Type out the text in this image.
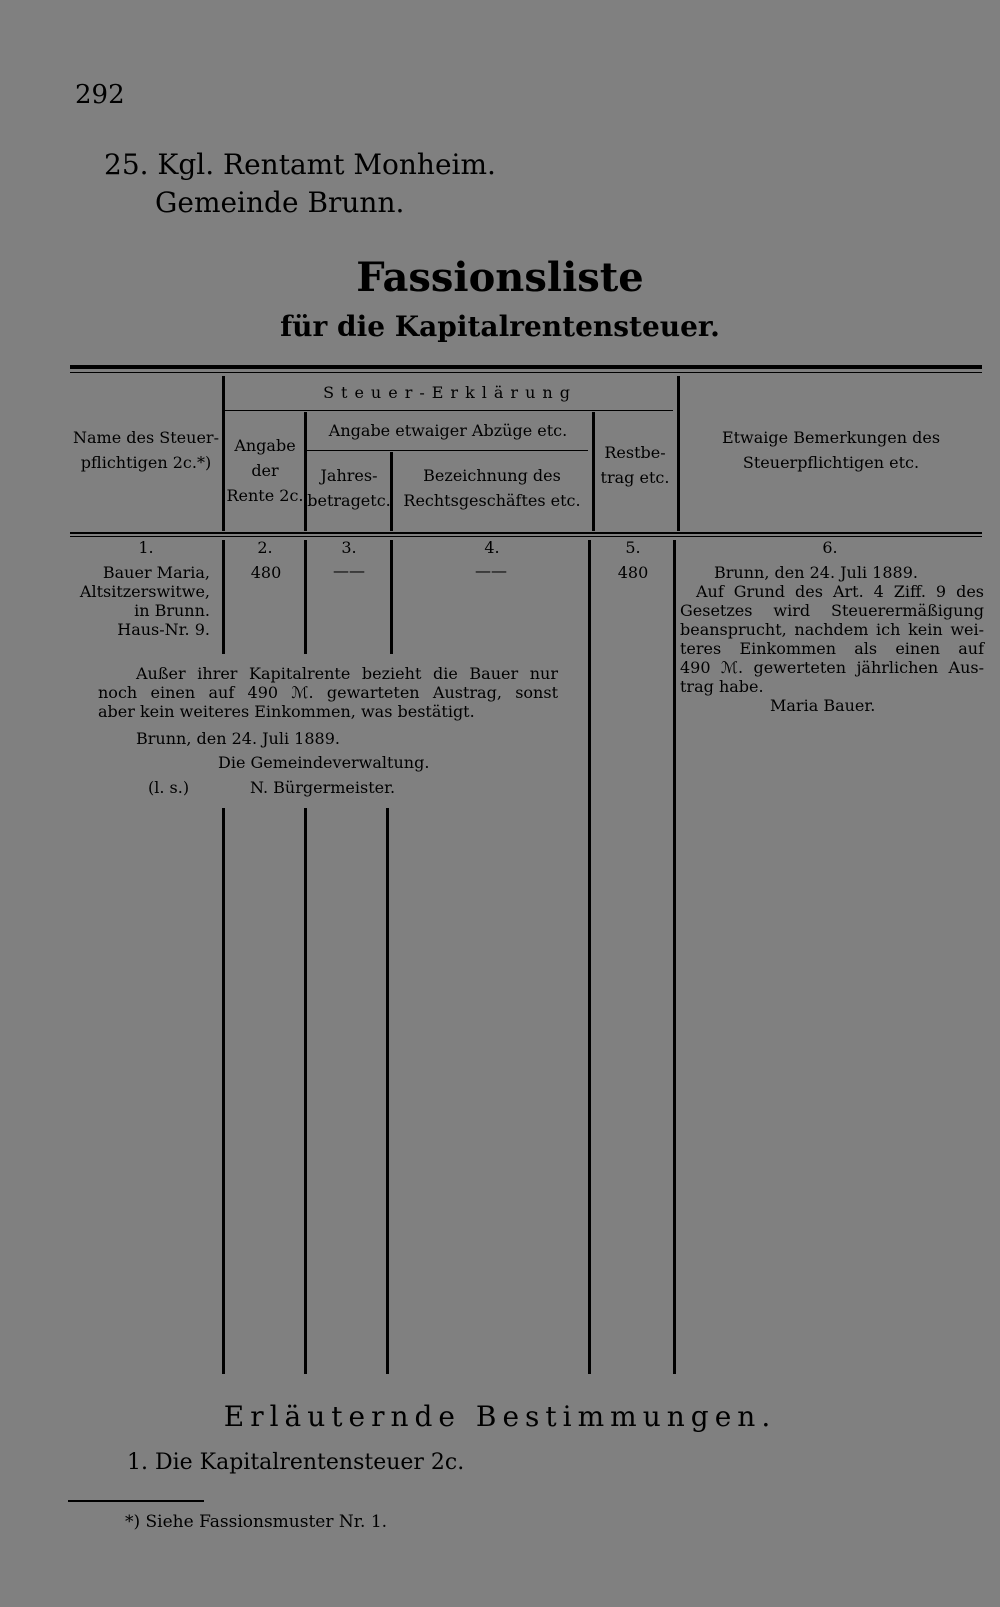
292
25. Kgl. Rentamt Monheim.
Gemeinde Brunn.
Fassionsliste
für die Kapitalrentensteuer.
Steuer-Erklärung
Angabe etwaiger Abzüge etc.
Name des Steuer-
pflichtigen 2c.*)
Angabe
der
Rente 2c.
Jahres-
betragetc.
Bezeichnung des
Rechtsgeschäftes etc.
Restbe-
trag etc.
Etwaige Bemerkungen des
Steuerpflichtigen etc.
1.	2.	3.	4.	5.	6.
Bauer Maria,
Altsitzerswitwe,
in Brunn.
Haus-Nr. 9.
480	——	——	480	Brunn, den 24. Juli 1889.
Auf Grund des Art. 4 Ziff. 9 des
Gesetzes wird Steuerermäßigung
beansprucht, nachdem ich kein wei-
teres Einkommen als einen auf
490 ℳ. gewerteten jährlichen Aus-
trag habe.
Maria Bauer.
Außer ihrer Kapitalrente bezieht die Bauer nur
noch einen auf 490 ℳ. gewarteten Austrag, sonst
aber kein weiteres Einkommen, was bestätigt.
Brunn, den 24. Juli 1889.
Die Gemeindeverwaltung.
(l. s.)	N. Bürgermeister.
Erläuternde Bestimmungen.
1. Die Kapitalrentensteuer 2c.
*) Siehe Fassionsmuster Nr. 1.
